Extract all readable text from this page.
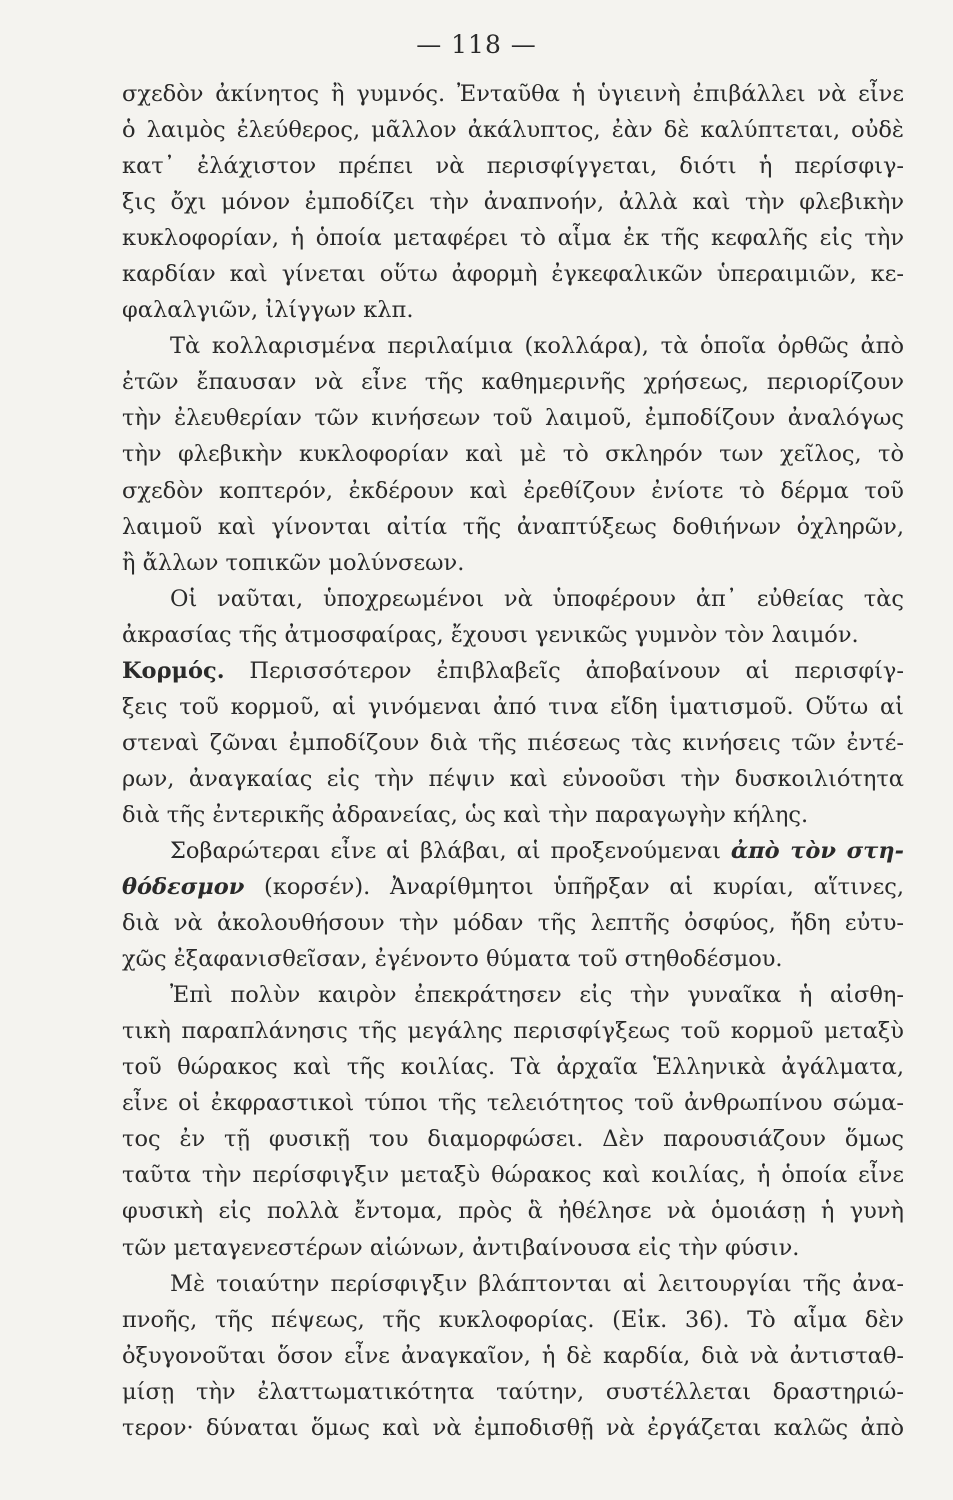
— 118 —
σχεδὸν ἀκίνητος ἢ γυμνός. Ἐνταῦθα ἡ ὑγιεινὴ ἐπιβάλλει νὰ εἶνε
ὁ λαιμὸς ἐλεύθερος, μᾶλλον ἀκάλυπτος, ἐὰν δὲ καλύπτεται, οὐδὲ
κατ᾽ ἐλάχιστον πρέπει νὰ περισφίγγεται, διότι ἡ περίσφιγ-
ξις ὄχι μόνον ἐμποδίζει τὴν ἀναπνοήν, ἀλλὰ καὶ τὴν φλεβικὴν
κυκλοφορίαν, ἡ ὁποία μεταφέρει τὸ αἷμα ἐκ τῆς κεφαλῆς εἰς τὴν
καρδίαν καὶ γίνεται οὕτω ἀφορμὴ ἐγκεφαλικῶν ὑπεραιμιῶν, κε-
φαλαλγιῶν, ἰλίγγων κλπ.
Τὰ κολλαρισμένα περιλαίμια (κολλάρα), τὰ ὁποῖα ὀρθῶς ἀπὸ
ἐτῶν ἔπαυσαν νὰ εἶνε τῆς καθημερινῆς χρήσεως, περιορίζουν
τὴν ἐλευθερίαν τῶν κινήσεων τοῦ λαιμοῦ, ἐμποδίζουν ἀναλόγως
τὴν φλεβικὴν κυκλοφορίαν καὶ μὲ τὸ σκληρόν των χεῖλος, τὸ
σχεδὸν κοπτερόν, ἐκδέρουν καὶ ἐρεθίζουν ἐνίοτε τὸ δέρμα τοῦ
λαιμοῦ καὶ γίνονται αἰτία τῆς ἀναπτύξεως δοθιήνων ὀχληρῶν,
ἢ ἄλλων τοπικῶν μολύνσεων.
Οἱ ναῦται, ὑποχρεωμένοι νὰ ὑποφέρουν ἀπ᾽ εὐθείας τὰς
ἀκρασίας τῆς ἀτμοσφαίρας, ἔχουσι γενικῶς γυμνὸν τὸν λαιμόν.
Κορμός. Περισσότερον ἐπιβλαβεῖς ἀποβαίνουν αἱ περισφίγ-
ξεις τοῦ κορμοῦ, αἱ γινόμεναι ἀπό τινα εἴδη ἱματισμοῦ. Οὕτω αἱ
στεναὶ ζῶναι ἐμποδίζουν διὰ τῆς πιέσεως τὰς κινήσεις τῶν ἐντέ-
ρων, ἀναγκαίας εἰς τὴν πέψιν καὶ εὐνοοῦσι τὴν δυσκοιλιότητα
διὰ τῆς ἐντερικῆς ἀδρανείας, ὡς καὶ τὴν παραγωγὴν κήλης.
Σοβαρώτεραι εἶνε αἱ βλάβαι, αἱ προξενούμεναι ἀπὸ τὸν στη-
θόδεσμον (κορσέν). Ἀναρίθμητοι ὑπῆρξαν αἱ κυρίαι, αἵτινες,
διὰ νὰ ἀκολουθήσουν τὴν μόδαν τῆς λεπτῆς ὀσφύος, ἤδη εὐτυ-
χῶς ἐξαφανισθεῖσαν, ἐγένοντο θύματα τοῦ στηθοδέσμου.
Ἐπὶ πολὺν καιρὸν ἐπεκράτησεν εἰς τὴν γυναῖκα ἡ αἰσθη-
τικὴ παραπλάνησις τῆς μεγάλης περισφίγξεως τοῦ κορμοῦ μεταξὺ
τοῦ θώρακος καὶ τῆς κοιλίας. Τὰ ἀρχαῖα Ἑλληνικὰ ἀγάλματα,
εἶνε οἱ ἐκφραστικοὶ τύποι τῆς τελειότητος τοῦ ἀνθρωπίνου σώμα-
τος ἐν τῇ φυσικῇ του διαμορφώσει. Δὲν παρουσιάζουν ὅμως
ταῦτα τὴν περίσφιγξιν μεταξὺ θώρακος καὶ κοιλίας, ἡ ὁποία εἶνε
φυσικὴ εἰς πολλὰ ἔντομα, πρὸς ἃ ἠθέλησε νὰ ὁμοιάσῃ ἡ γυνὴ
τῶν μεταγενεστέρων αἰώνων, ἀντιβαίνουσα εἰς τὴν φύσιν.
Μὲ τοιαύτην περίσφιγξιν βλάπτονται αἱ λειτουργίαι τῆς ἀνα-
πνοῆς, τῆς πέψεως, τῆς κυκλοφορίας. (Εἰκ. 36). Τὸ αἷμα δὲν
ὀξυγονοῦται ὅσον εἶνε ἀναγκαῖον, ἡ δὲ καρδία, διὰ νὰ ἀντισταθ-
μίσῃ τὴν ἐλαττωματικότητα ταύτην, συστέλλεται δραστηριώ-
τερον· δύναται ὅμως καὶ νὰ ἐμποδισθῇ νὰ ἐργάζεται καλῶς ἀπὸ
